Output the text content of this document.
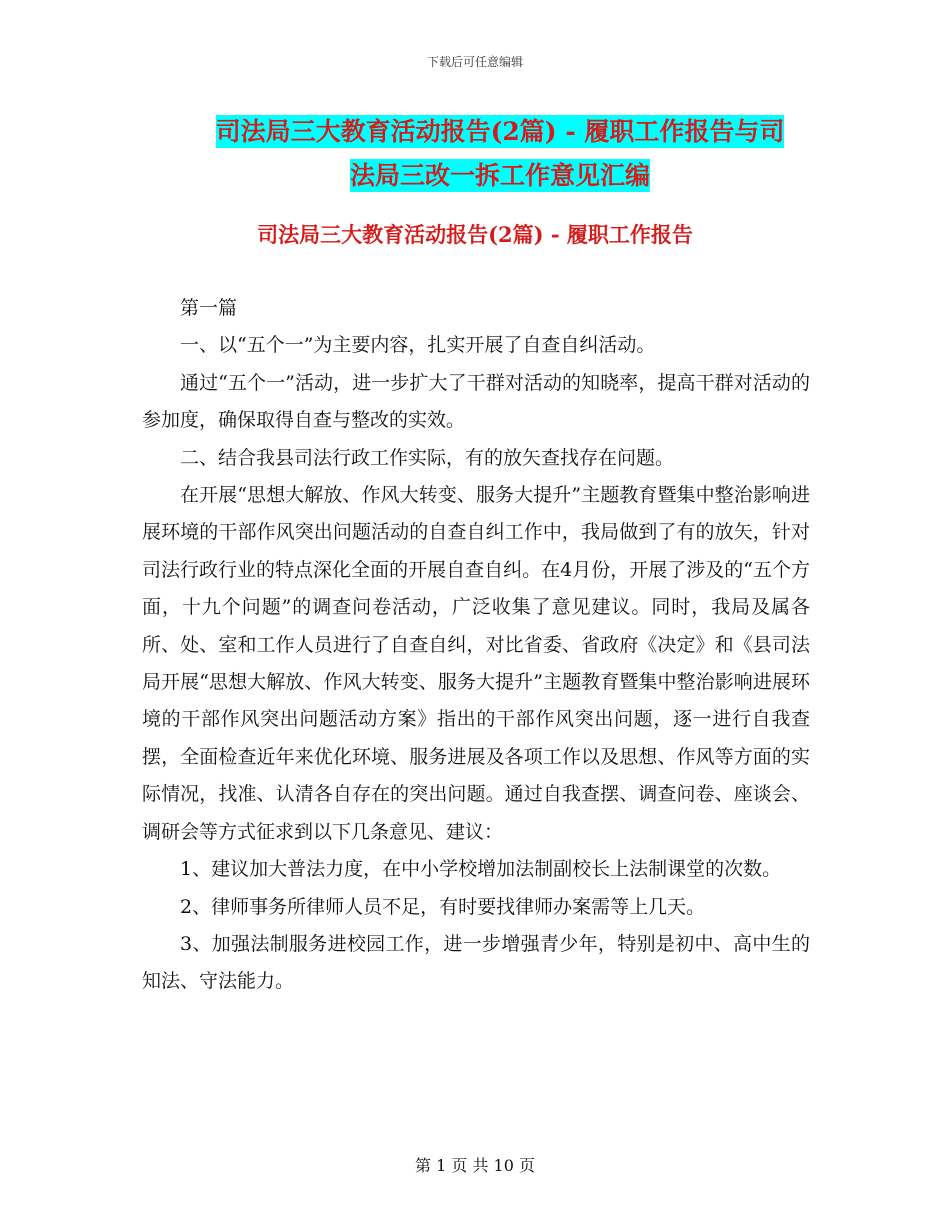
下载后可任意编辑
司法局三大教育活动报告(2篇) - 履职工作报告与司
法局三改一拆工作意见汇编
司法局三大教育活动报告(2篇) - 履职工作报告

第一篇

一、以“五个一”为主要内容，扎实开展了自查自纠活动。

通过“五个一”活动，进一步扩大了干群对活动的知晓率，提高干群对活动的参加度，确保取得自查与整改的实效。

二、结合我县司法行政工作实际，有的放矢查找存在问题。

在开展“思想大解放、作风大转变、服务大提升”主题教育暨集中整治影响进展环境的干部作风突出问题活动的自查自纠工作中，我局做到了有的放矢，针对司法行政行业的特点深化全面的开展自查自纠。在4月份，开展了涉及的“五个方面，十九个问题”的调查问卷活动，广泛收集了意见建议。同时，我局及属各所、处、室和工作人员进行了自查自纠，对比省委、省政府《决定》和《县司法局开展“思想大解放、作风大转变、服务大提升”主题教育暨集中整治影响进展环境的干部作风突出问题活动方案》指出的干部作风突出问题，逐一进行自我查摆，全面检查近年来优化环境、服务进展及各项工作以及思想、作风等方面的实际情况，找准、认清各自存在的突出问题。通过自我查摆、调查问卷、座谈会、调研会等方式征求到以下几条意见、建议：

1、建议加大普法力度，在中小学校增加法制副校长上法制课堂的次数。

2、律师事务所律师人员不足，有时要找律师办案需等上几天。

3、加强法制服务进校园工作，进一步增强青少年，特别是初中、高中生的知法、守法能力。

第 1 页 共 10 页
